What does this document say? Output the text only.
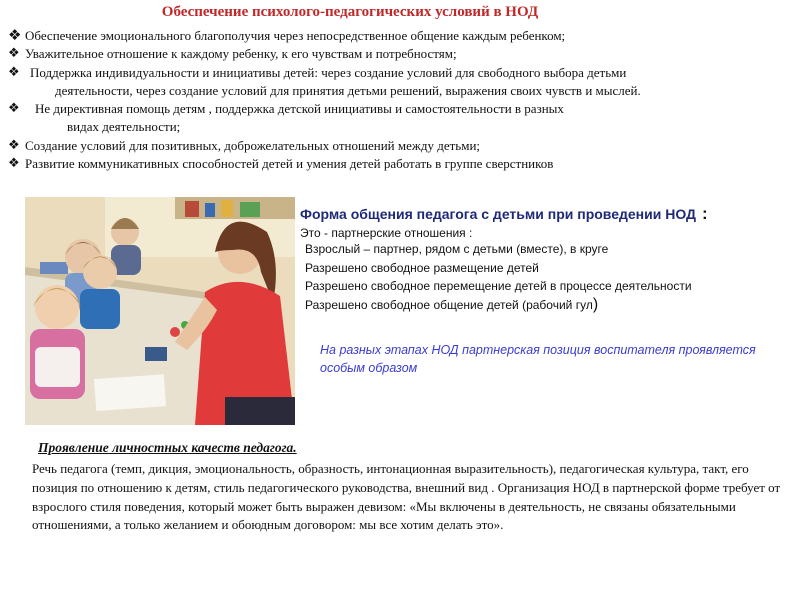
Обеспечение психолого-педагогических условий в НОД
❖ Обеспечение эмоционального благополучия через непосредственное общение каждым ребенком;
❖ Уважительное отношение к каждому ребенку, к его чувствам и потребностям;
❖ Поддержка индивидуальности и инициативы детей: через создание условий для свободного выбора детьми
деятельности, через создание условий для принятия детьми решений, выражения своих чувств и мыслей.
❖ Не директивная помощь детям , поддержка детской инициативы и самостоятельности в разных
видах деятельности;
❖ Создание условий для позитивных, доброжелательных отношений между детьми;
❖ Развитие коммуникативных способностей детей и умения детей работать в группе сверстников
Форма общения педагога с детьми при проведении НОД :
Это - партнерские отношения :
Взрослый – партнер, рядом с детьми (вместе), в круге
Разрешено свободное размещение детей
Разрешено свободное перемещение детей в процессе деятельности
Разрешено свободное общение детей (рабочий гул)
На разных этапах НОД партнерская позиция воспитателя проявляется особым образом
Проявление личностных качеств педагога.
Речь педагога (темп, дикция, эмоциональность, образность, интонационная выразительность), педагогическая культура, такт, его позиция по отношению к детям, стиль педагогического руководства, внешний вид . Организация НОД в партнерской форме требует от взрослого стиля поведения, который может быть выражен девизом: «Мы включены в деятельность, не связаны обязательными отношениями, а только желанием и обоюдным договором: мы все хотим делать это».
